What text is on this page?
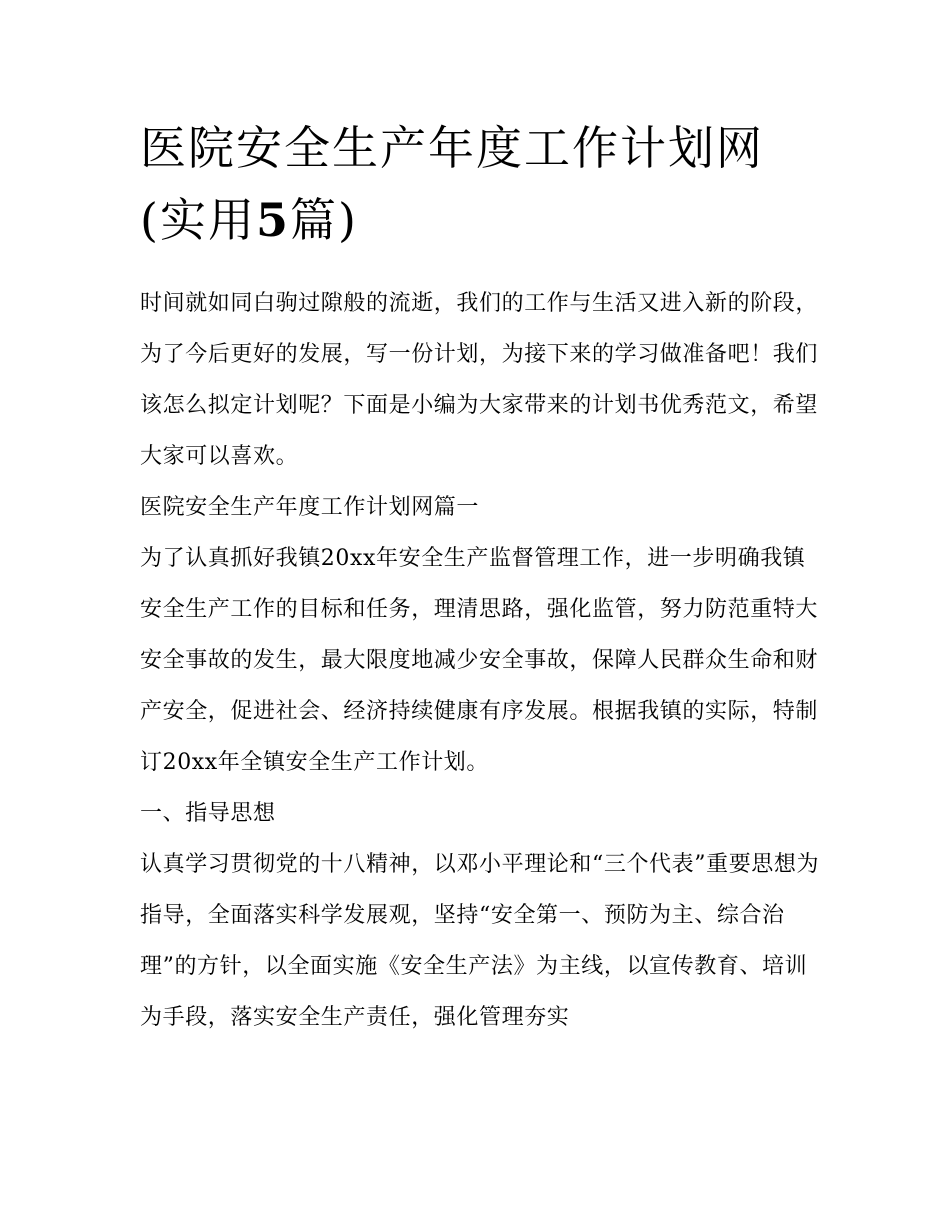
医院安全生产年度工作计划网
(实用5篇)

时间就如同白驹过隙般的流逝，我们的工作与生活又进入新的阶段，为了今后更好的发展，写一份计划，为接下来的学习做准备吧！我们该怎么拟定计划呢？下面是小编为大家带来的计划书优秀范文，希望大家可以喜欢。

医院安全生产年度工作计划网篇一

为了认真抓好我镇20xx年安全生产监督管理工作，进一步明确我镇安全生产工作的目标和任务，理清思路，强化监管，努力防范重特大安全事故的发生，最大限度地减少安全事故，保障人民群众生命和财产安全，促进社会、经济持续健康有序发展。根据我镇的实际，特制订20xx年全镇安全生产工作计划。

一、指导思想

认真学习贯彻党的十八精神，以邓小平理论和“三个代表”重要思想为指导，全面落实科学发展观，坚持“安全第一、预防为主、综合治理”的方针，以全面实施《安全生产法》为主线，以宣传教育、培训为手段，落实安全生产责任，强化管理夯实
